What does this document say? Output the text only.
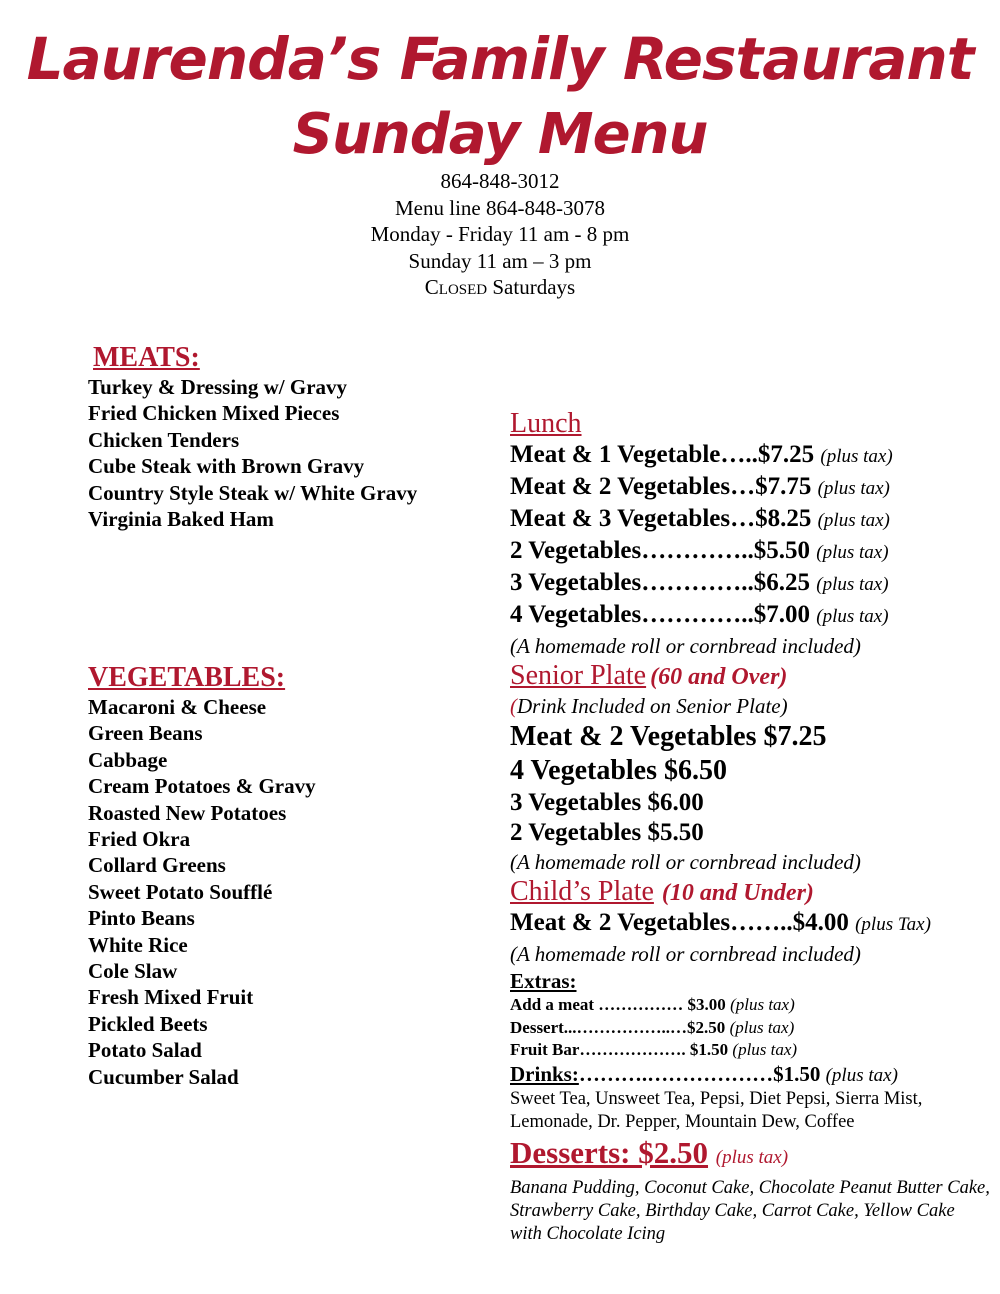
Laurenda’s Family Restaurant
Sunday Menu
864-848-3012
Menu line 864-848-3078
Monday - Friday 11 am - 8 pm
Sunday 11 am – 3 pm
Closed Saturdays
MEATS:
Turkey & Dressing w/ Gravy
Fried Chicken Mixed Pieces
Chicken Tenders
Cube Steak with Brown Gravy
Country Style Steak w/ White Gravy
Virginia Baked Ham
VEGETABLES:
Macaroni & Cheese
Green Beans
Cabbage
Cream Potatoes & Gravy
Roasted New Potatoes
Fried Okra
Collard Greens
Sweet Potato Soufflé
Pinto Beans
White Rice
Cole Slaw
Fresh Mixed Fruit
Pickled Beets
Potato Salad
Cucumber Salad
Lunch
Meat & 1 Vegetable…..$7.25 (plus tax)
Meat & 2 Vegetables…$7.75 (plus tax)
Meat & 3 Vegetables…$8.25 (plus tax)
2 Vegetables…………..$5.50 (plus tax)
3 Vegetables…………..$6.25 (plus tax)
4 Vegetables…………..$7.00 (plus tax)
(A homemade roll or cornbread included)
Senior Plate (60 and Over)
(Drink Included on Senior Plate)
Meat & 2 Vegetables $7.25
4 Vegetables $6.50
3 Vegetables $6.00
2 Vegetables $5.50
(A homemade roll or cornbread included)
Child’s Plate (10 and Under)
Meat & 2 Vegetables……..$4.00 (plus Tax)
(A homemade roll or cornbread included)
Extras:
Add a meat …………… $3.00 (plus tax)
Dessert...……………..…$2.50 (plus tax)
Fruit Bar………………. $1.50 (plus tax)
Drinks:……….………………$1.50 (plus tax)
Sweet Tea, Unsweet Tea, Pepsi, Diet Pepsi, Sierra Mist, Lemonade, Dr. Pepper, Mountain Dew, Coffee
Desserts: $2.50 (plus tax)
Banana Pudding, Coconut Cake, Chocolate Peanut Butter Cake, Strawberry Cake, Birthday Cake, Carrot Cake, Yellow Cake with Chocolate Icing
